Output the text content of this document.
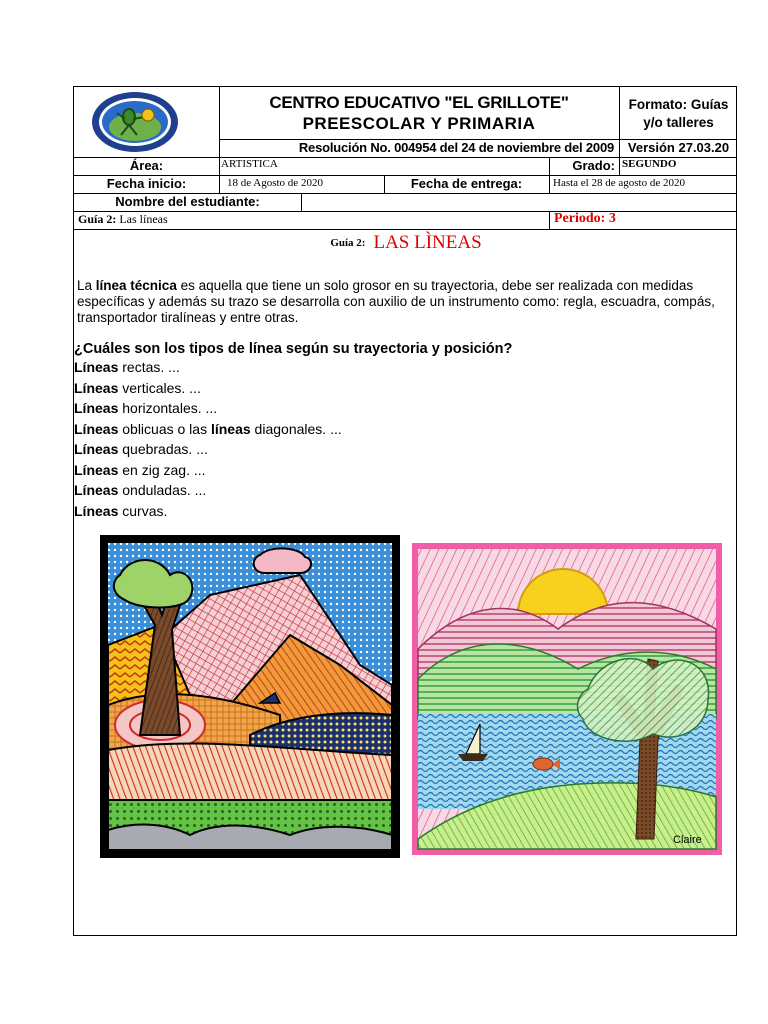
CENTRO EDUCATIVO "EL GRILLOTE"
PREESCOLAR Y PRIMARIA
Formato: Guías
y/o talleres
Resolución No. 004954 del 24 de noviembre del 2009	Versión 27.03.20
Área:	ARTISTICA	Grado: SEGUNDO
Fecha inicio:	18 de Agosto de 2020	Fecha de entrega:	Hasta el 28 de agosto de 2020
Nombre del estudiante:
Guía 2: Las líneas	Periodo: 3
Guía 2: LAS LÌNEAS
La línea técnica es aquella que tiene un solo grosor en su trayectoria, debe ser realizada con medidas específicas y además su trazo se desarrolla con auxilio de un instrumento como: regla, escuadra, compás, transportador tiralíneas y entre otras.
¿Cuáles son los tipos de línea según su trayectoria y posición?
Líneas rectas. ...
Líneas verticales. ...
Líneas horizontales. ...
Líneas oblicuas o las líneas diagonales. ...
Líneas quebradas. ...
Líneas en zig zag. ...
Líneas onduladas. ...
Líneas curvas.
Claire
